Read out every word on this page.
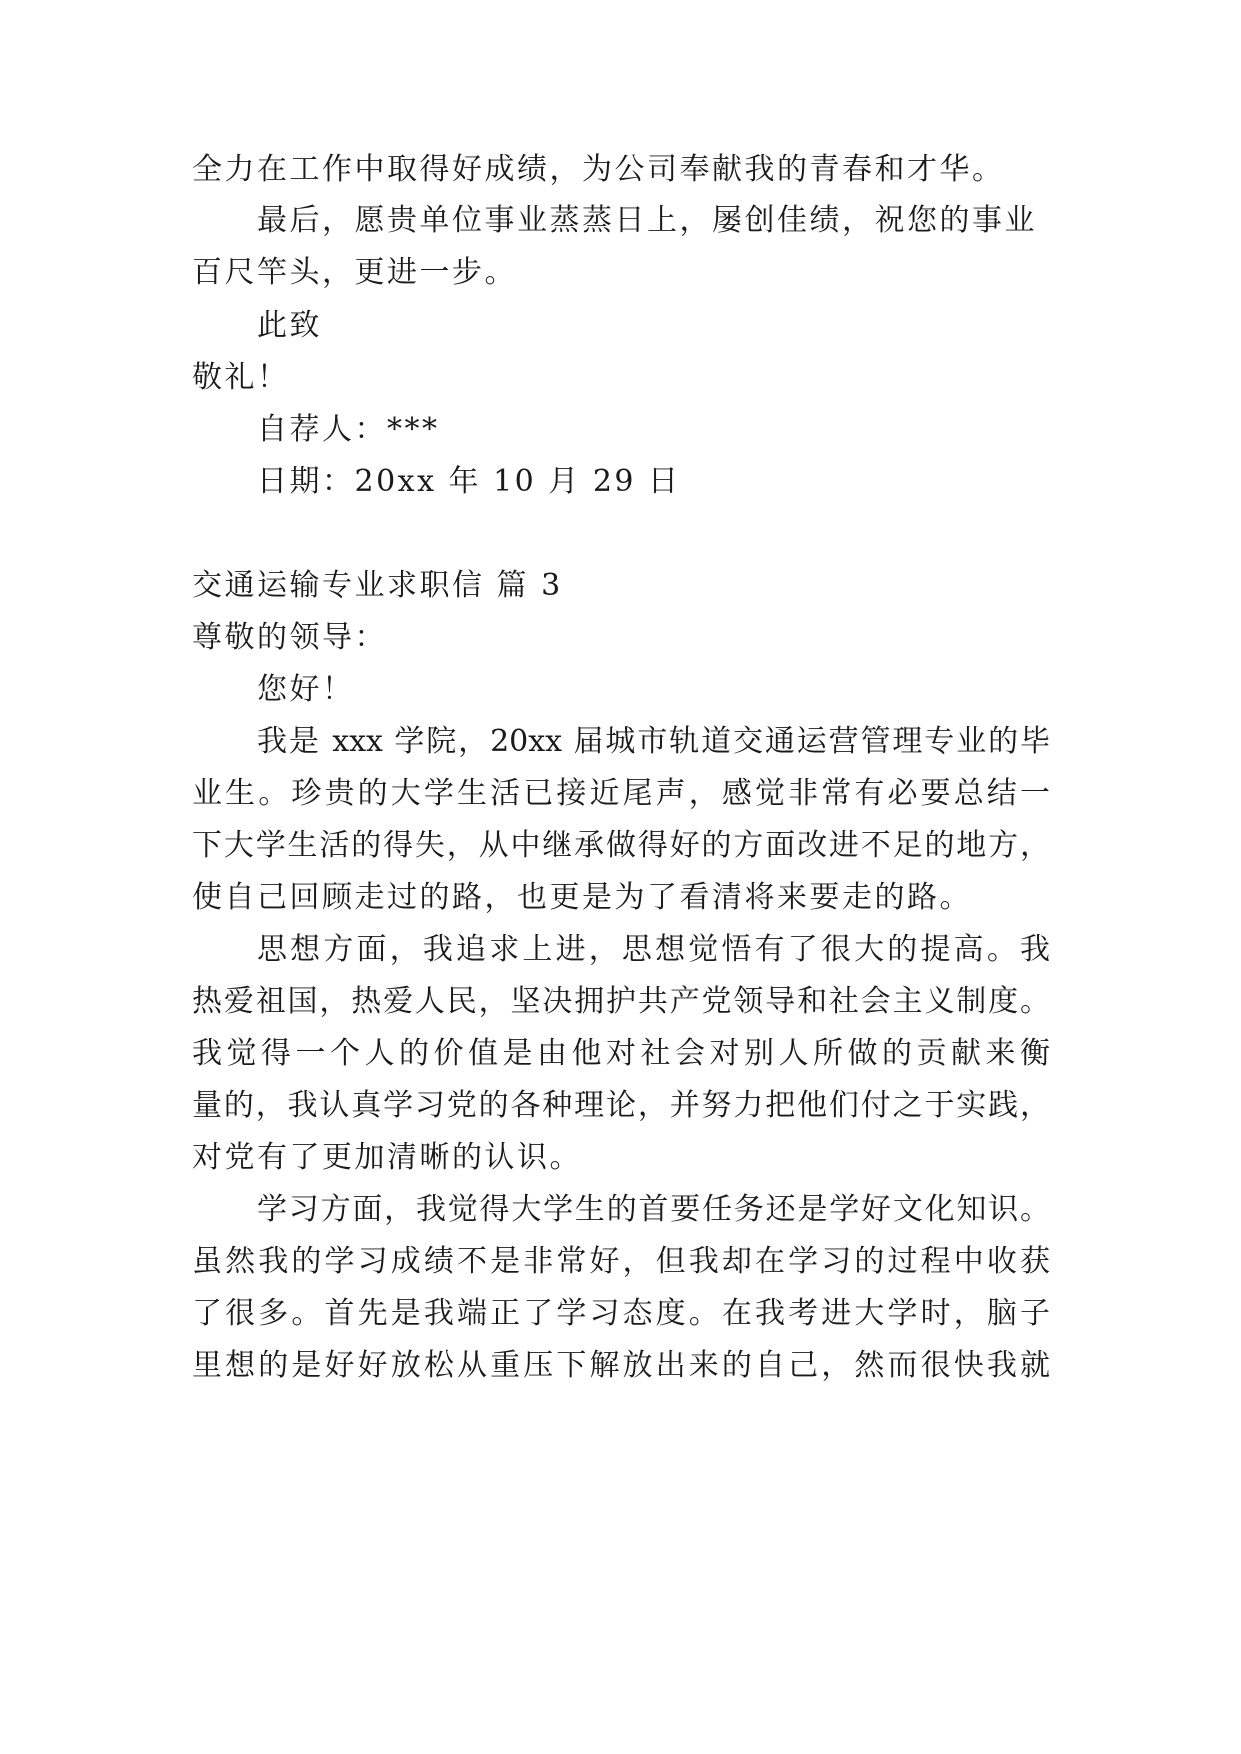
全力在工作中取得好成绩，为公司奉献我的青春和才华。
最后，愿贵单位事业蒸蒸日上，屡创佳绩，祝您的事业
百尺竿头，更进一步。
此致
敬礼！
自荐人：***
日期：20xx 年 10 月 29 日
交通运输专业求职信 篇 3
尊敬的领导：
您好！
我是 xxx 学院，20xx 届城市轨道交通运营管理专业的毕
业生。珍贵的大学生活已接近尾声，感觉非常有必要总结一
下大学生活的得失，从中继承做得好的方面改进不足的地方，
使自己回顾走过的路，也更是为了看清将来要走的路。
思想方面，我追求上进，思想觉悟有了很大的提高。我
热爱祖国，热爱人民，坚决拥护共产党领导和社会主义制度。
我觉得一个人的价值是由他对社会对别人所做的贡献来衡
量的，我认真学习党的各种理论，并努力把他们付之于实践，
对党有了更加清晰的认识。
学习方面，我觉得大学生的首要任务还是学好文化知识。
虽然我的学习成绩不是非常好，但我却在学习的过程中收获
了很多。首先是我端正了学习态度。在我考进大学时，脑子
里想的是好好放松从重压下解放出来的自己，然而很快我就
